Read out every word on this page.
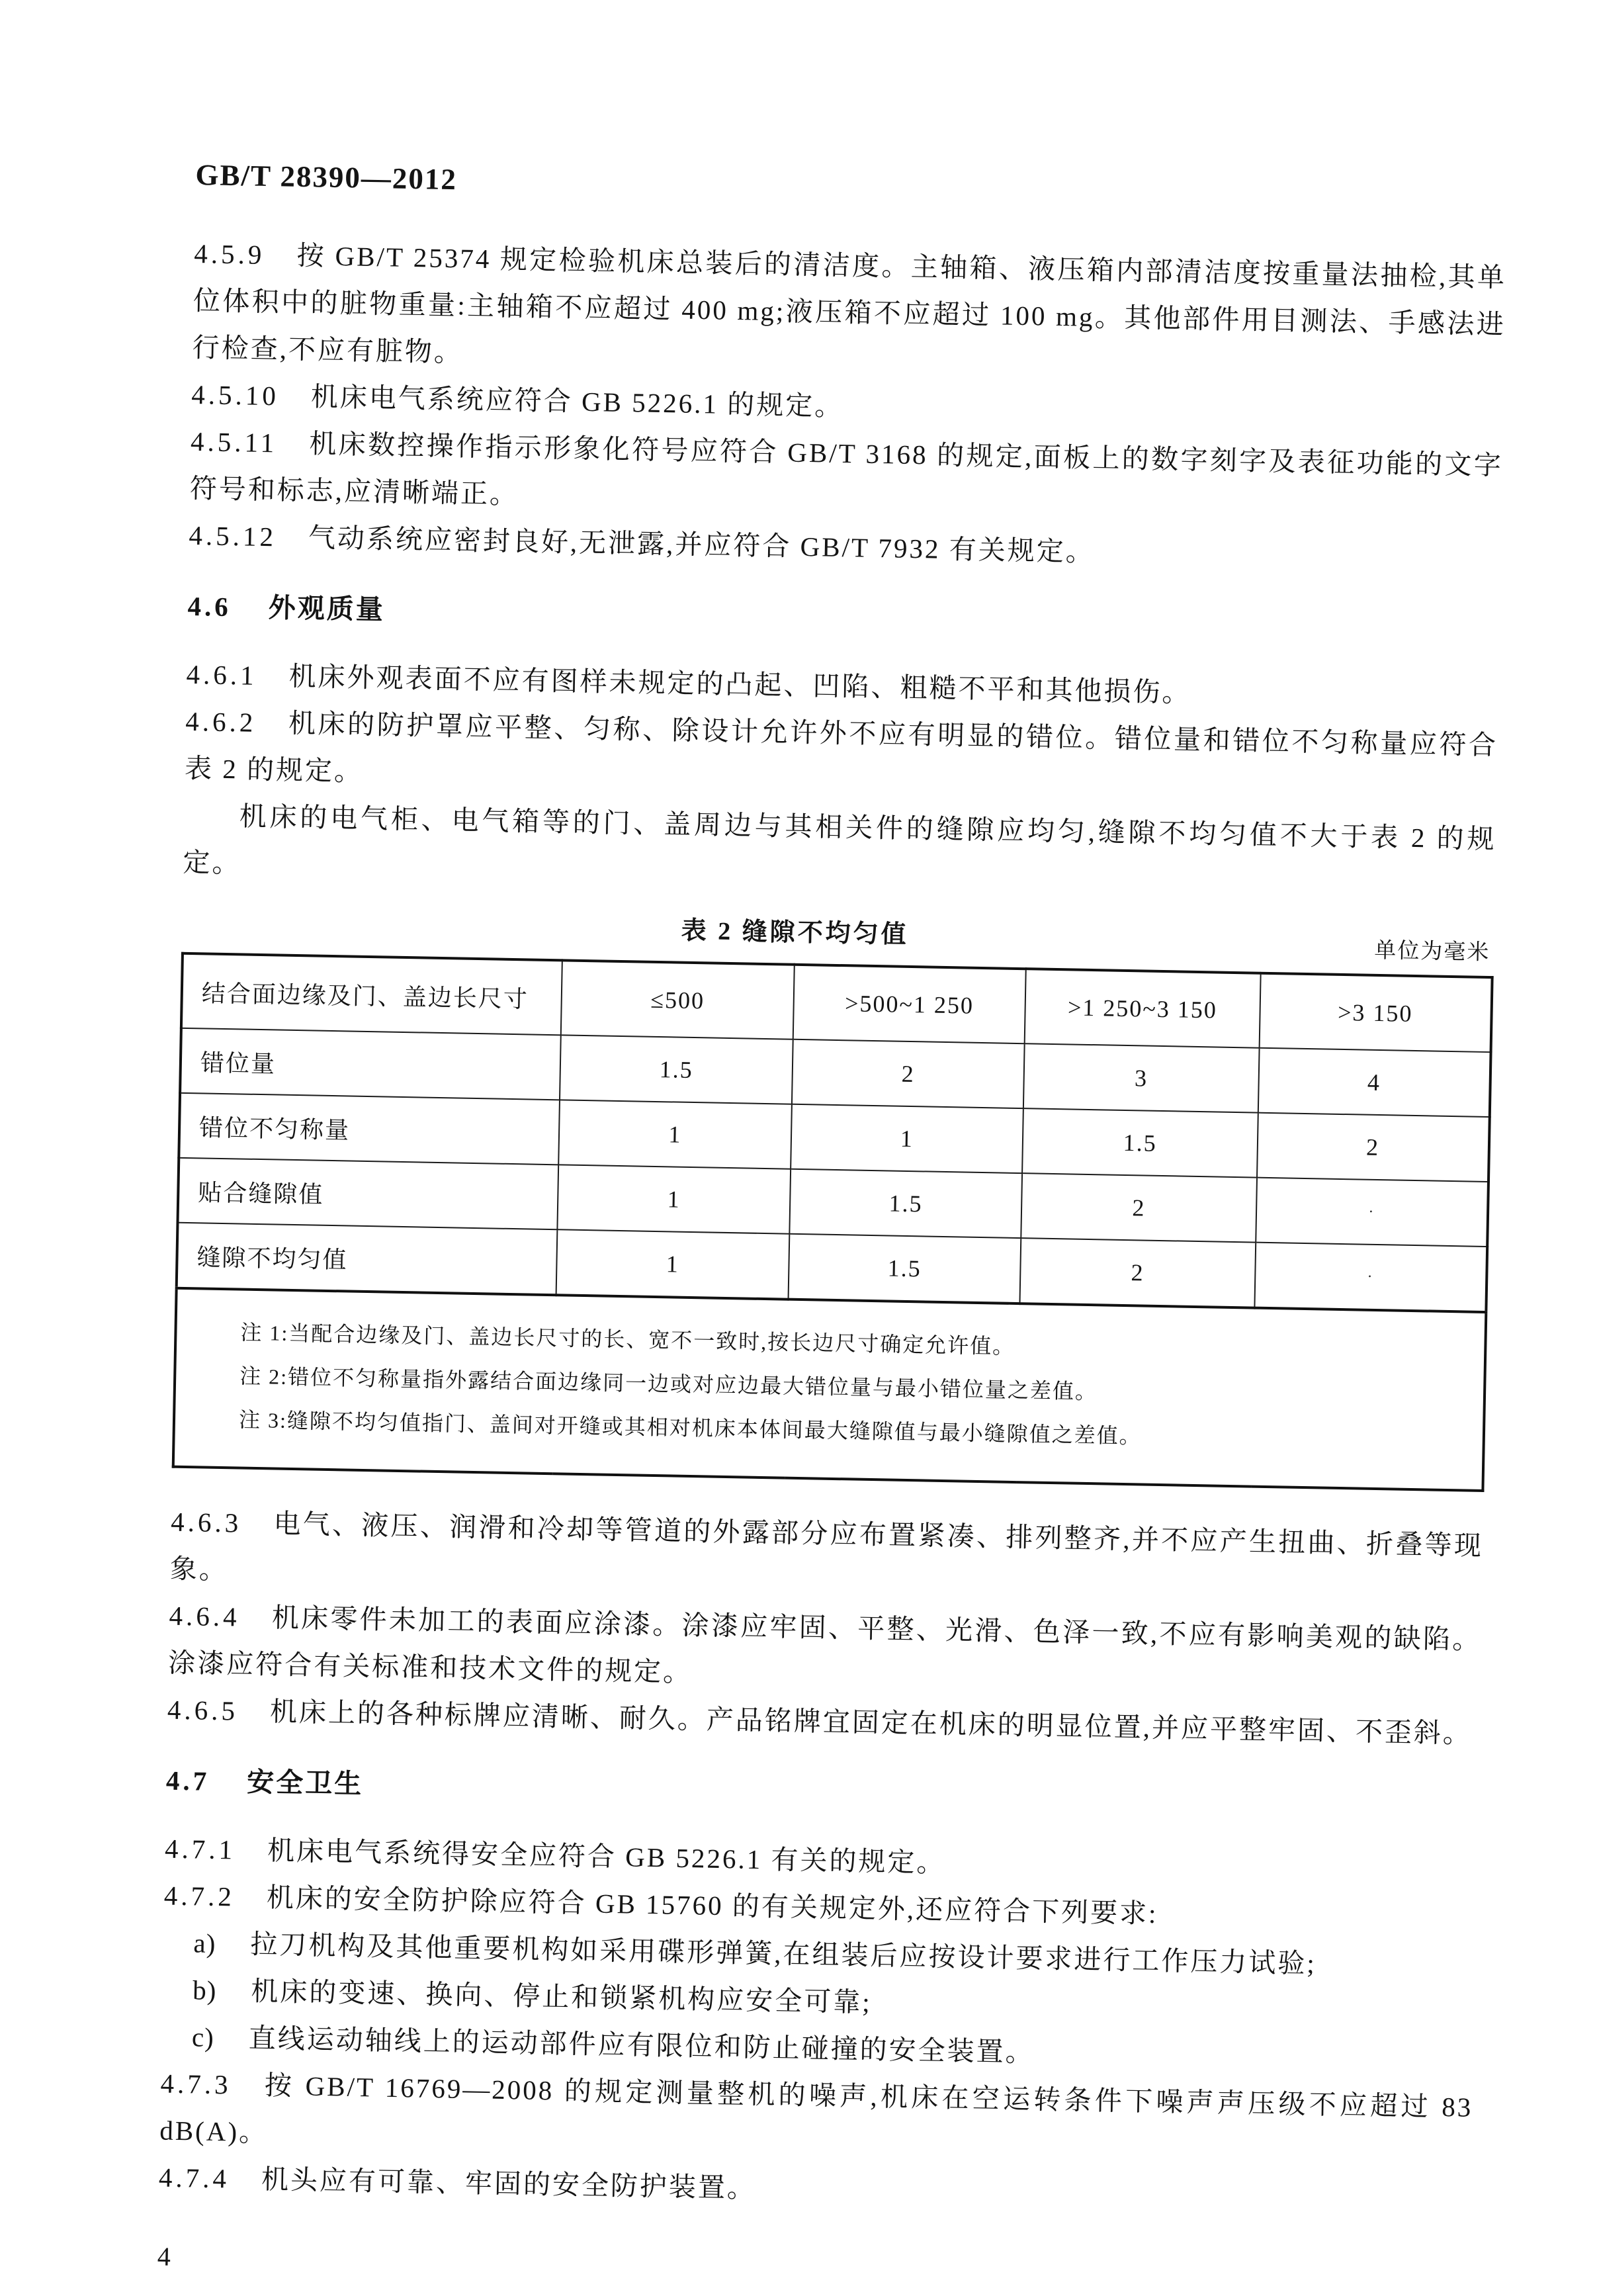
GB/T 28390—2012

4.5.9 按 GB/T 25374 规定检验机床总装后的清洁度。主轴箱、液压箱内部清洁度按重量法抽检,其单位体积中的脏物重量:主轴箱不应超过 400 mg;液压箱不应超过 100 mg。其他部件用目测法、手感法进行检查,不应有脏物。

4.5.10 机床电气系统应符合 GB 5226.1 的规定。

4.5.11 机床数控操作指示形象化符号应符合 GB/T 3168 的规定,面板上的数字刻字及表征功能的文字符号和标志,应清晰端正。

4.5.12 气动系统应密封良好,无泄露,并应符合 GB/T 7932 有关规定。

4.6 外观质量

4.6.1 机床外观表面不应有图样未规定的凸起、凹陷、粗糙不平和其他损伤。

4.6.2 机床的防护罩应平整、匀称、除设计允许外不应有明显的错位。错位量和错位不匀称量应符合表 2 的规定。

机床的电气柜、电气箱等的门、盖周边与其相关件的缝隙应均匀,缝隙不均匀值不大于表 2 的规定。

表 2 缝隙不均匀值
单位为毫米
结合面边缘及门、盖边长尺寸	≤500	>500~1 250	>1 250~3 150	>3 150
错位量	1.5	2	3	4
错位不匀称量	1	1	1.5	2
贴合缝隙值	1	1.5	2	·
缝隙不均匀值	1	1.5	2	·

注 1:当配合边缘及门、盖边长尺寸的长、宽不一致时,按长边尺寸确定允许值。
注 2:错位不匀称量指外露结合面边缘同一边或对应边最大错位量与最小错位量之差值。
注 3:缝隙不均匀值指门、盖间对开缝或其相对机床本体间最大缝隙值与最小缝隙值之差值。				

4.6.3 电气、液压、润滑和冷却等管道的外露部分应布置紧凑、排列整齐,并不应产生扭曲、折叠等现象。

4.6.4 机床零件未加工的表面应涂漆。涂漆应牢固、平整、光滑、色泽一致,不应有影响美观的缺陷。涂漆应符合有关标准和技术文件的规定。

4.6.5 机床上的各种标牌应清晰、耐久。产品铭牌宜固定在机床的明显位置,并应平整牢固、不歪斜。

4.7 安全卫生

4.7.1 机床电气系统得安全应符合 GB 5226.1 有关的规定。

4.7.2 机床的安全防护除应符合 GB 15760 的有关规定外,还应符合下列要求:

a) 拉刀机构及其他重要机构如采用碟形弹簧,在组装后应按设计要求进行工作压力试验;

b) 机床的变速、换向、停止和锁紧机构应安全可靠;

c) 直线运动轴线上的运动部件应有限位和防止碰撞的安全装置。

4.7.3 按 GB/T 16769—2008 的规定测量整机的噪声,机床在空运转条件下噪声声压级不应超过 83 dB(A)。

4.7.4 机头应有可靠、牢固的安全防护装置。

4
